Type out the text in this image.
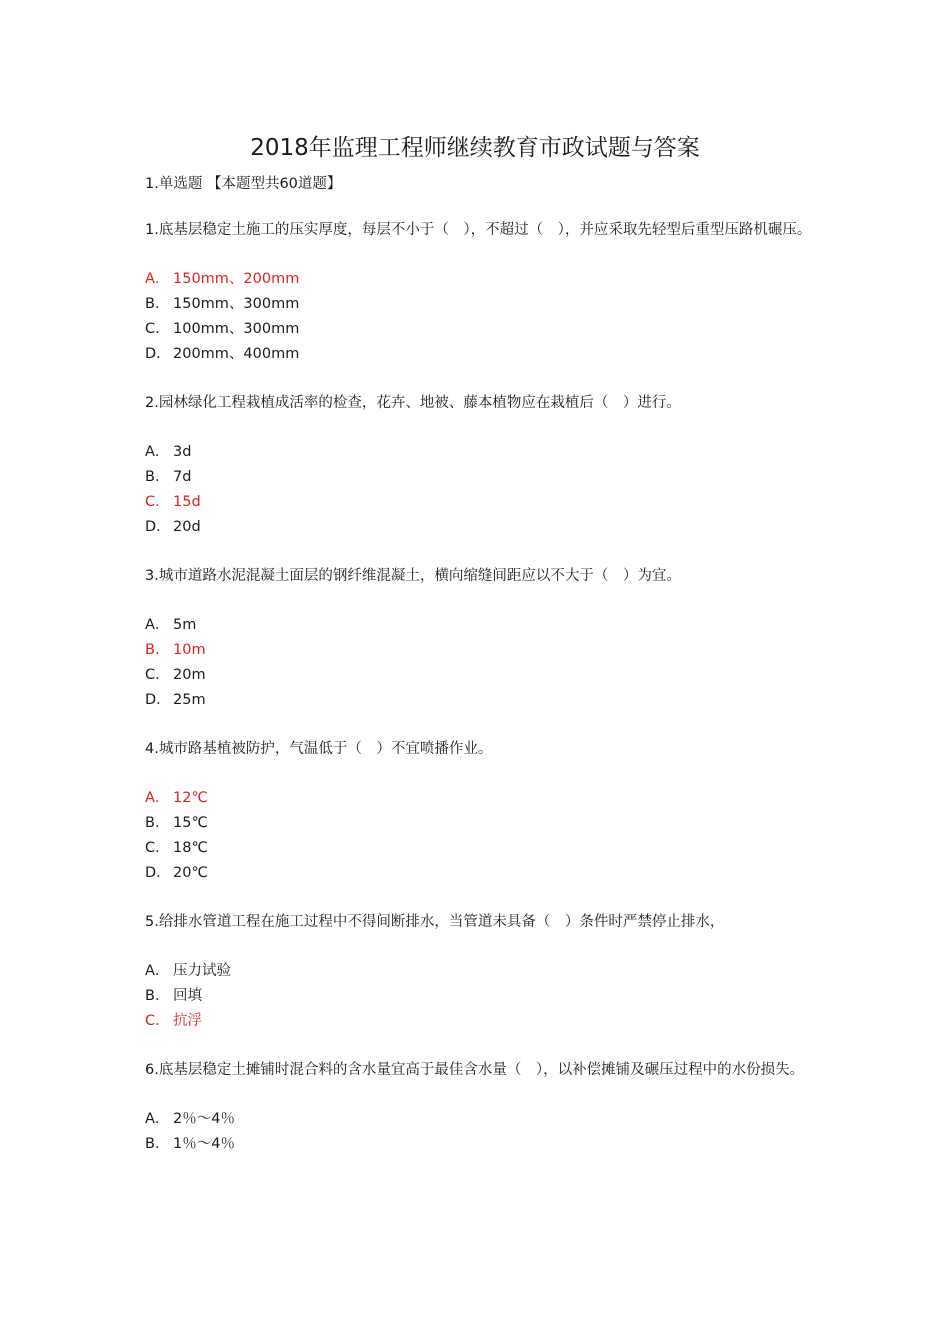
2018年监理工程师继续教育市政试题与答案
1.单选题 【本题型共60道题】
1.底基层稳定土施工的压实厚度，每层不小于（　），不超过（　），并应采取先轻型后重型压路机碾压。
A． 150mm、200mm
B． 150mm、300mm
C． 100mm、300mm
D． 200mm、400mm
2.园林绿化工程栽植成活率的检查，花卉、地被、藤本植物应在栽植后（　）进行。
A． 3d
B． 7d
C． 15d
D． 20d
3.城市道路水泥混凝土面层的钢纤维混凝土，横向缩缝间距应以不大于（　）为宜。
A． 5m
B． 10m
C． 20m
D． 25m
4.城市路基植被防护，气温低于（　）不宜喷播作业。
A． 12℃
B． 15℃
C． 18℃
D． 20℃
5.给排水管道工程在施工过程中不得间断排水，当管道未具备（　）条件时严禁停止排水，
A． 压力试验
B． 回填
C． 抗浮
6.底基层稳定土摊铺时混合料的含水量宜高于最佳含水量（　），以补偿摊铺及碾压过程中的水份损失。
A． 2％～4％
B． 1％～4％
